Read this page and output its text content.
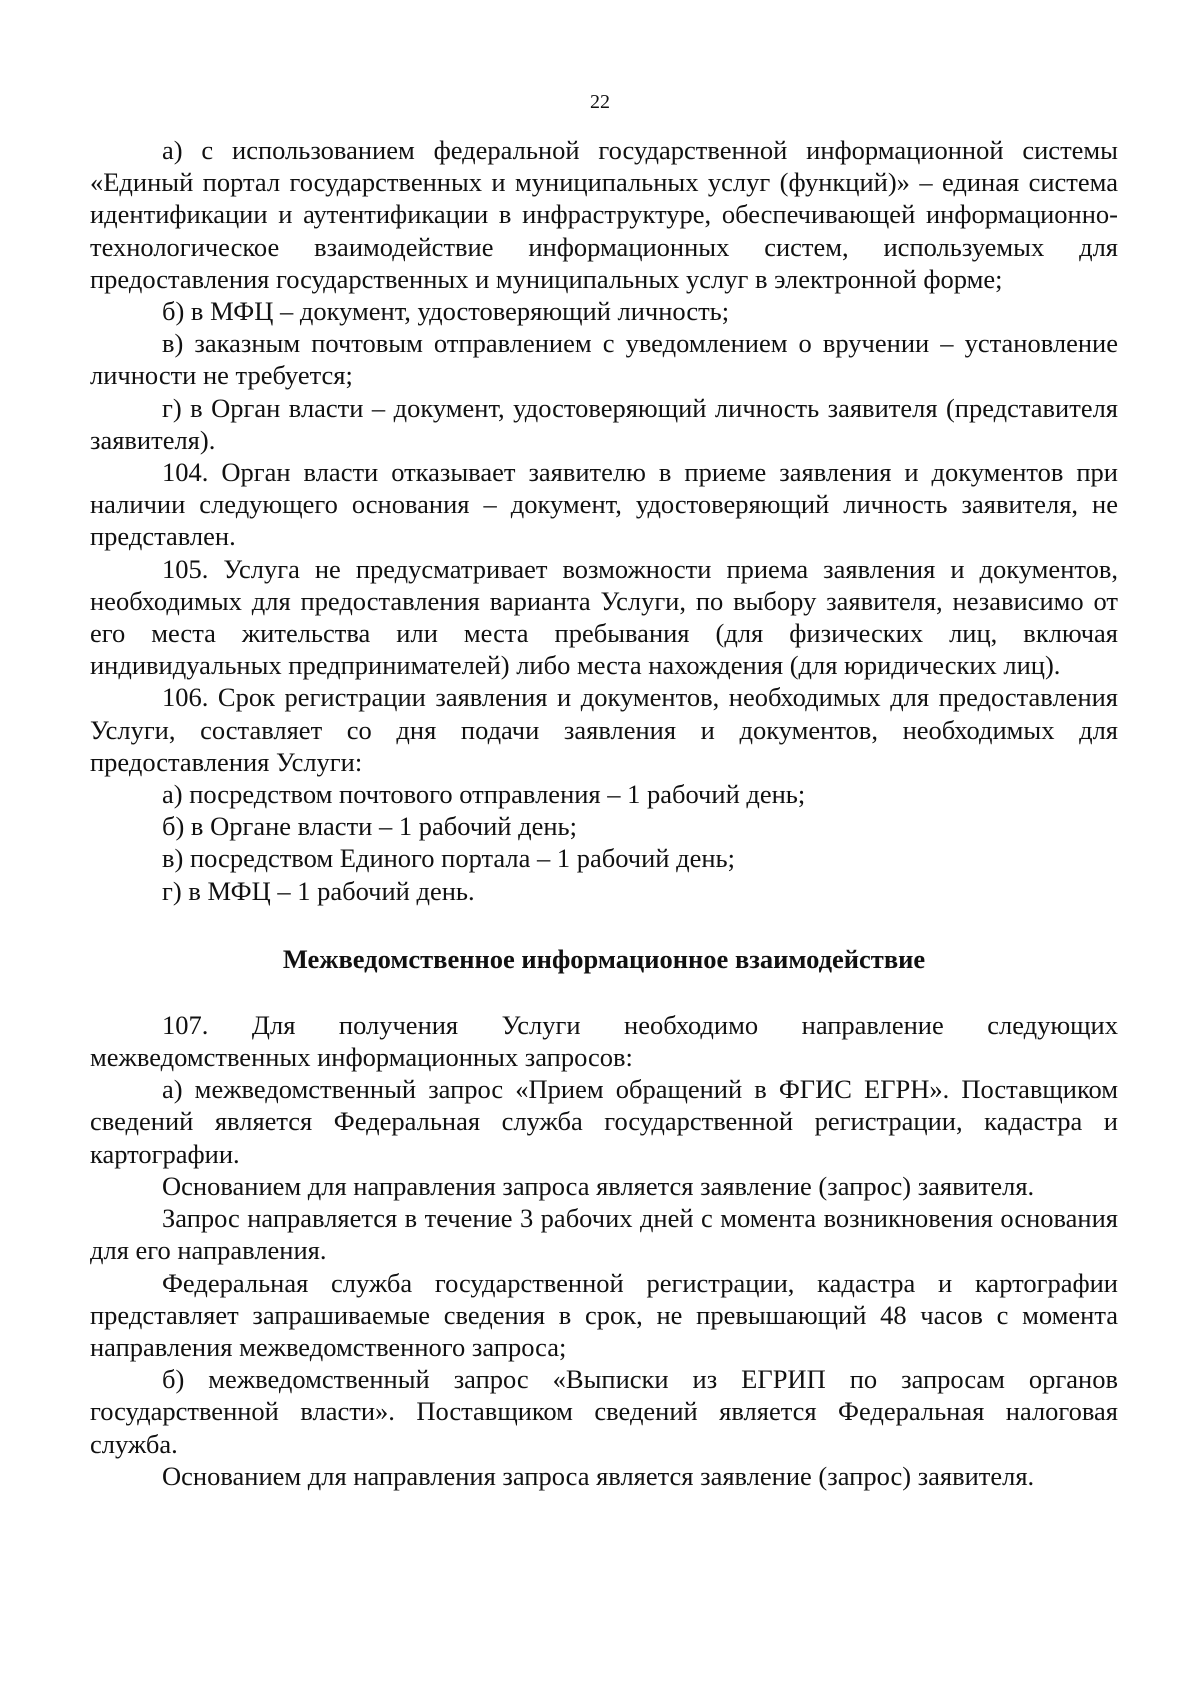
22

а) с использованием федеральной государственной информационной системы «Единый портал государственных и муниципальных услуг (функций)» – единая система идентификации и аутентификации в инфраструктуре, обеспечивающей информационно-технологическое взаимодействие информационных систем, используемых для предоставления государственных и муниципальных услуг в электронной форме;

б) в МФЦ – документ, удостоверяющий личность;

в) заказным почтовым отправлением с уведомлением о вручении – установление личности не требуется;

г) в Орган власти – документ, удостоверяющий личность заявителя (представителя заявителя).

104. Орган власти отказывает заявителю в приеме заявления и документов при наличии следующего основания – документ, удостоверяющий личность заявителя, не представлен.

105. Услуга не предусматривает возможности приема заявления и документов, необходимых для предоставления варианта Услуги, по выбору заявителя, независимо от его места жительства или места пребывания (для физических лиц, включая индивидуальных предпринимателей) либо места нахождения (для юридических лиц).

106. Срок регистрации заявления и документов, необходимых для предоставления Услуги, составляет со дня подачи заявления и документов, необходимых для предоставления Услуги:

а) посредством почтового отправления – 1 рабочий день;

б) в Органе власти – 1 рабочий день;

в) посредством Единого портала – 1 рабочий день;

г) в МФЦ – 1 рабочий день.

Межведомственное информационное взаимодействие

107. Для получения Услуги необходимо направление следующих межведомственных информационных запросов:

а) межведомственный запрос «Прием обращений в ФГИС ЕГРН». Поставщиком сведений является Федеральная служба государственной регистрации, кадастра и картографии.

Основанием для направления запроса является заявление (запрос) заявителя.

Запрос направляется в течение 3 рабочих дней с момента возникновения основания для его направления.

Федеральная служба государственной регистрации, кадастра и картографии представляет запрашиваемые сведения в срок, не превышающий 48 часов с момента направления межведомственного запроса;

б) межведомственный запрос «Выписки из ЕГРИП по запросам органов государственной власти». Поставщиком сведений является Федеральная налоговая служба.

Основанием для направления запроса является заявление (запрос) заявителя.
